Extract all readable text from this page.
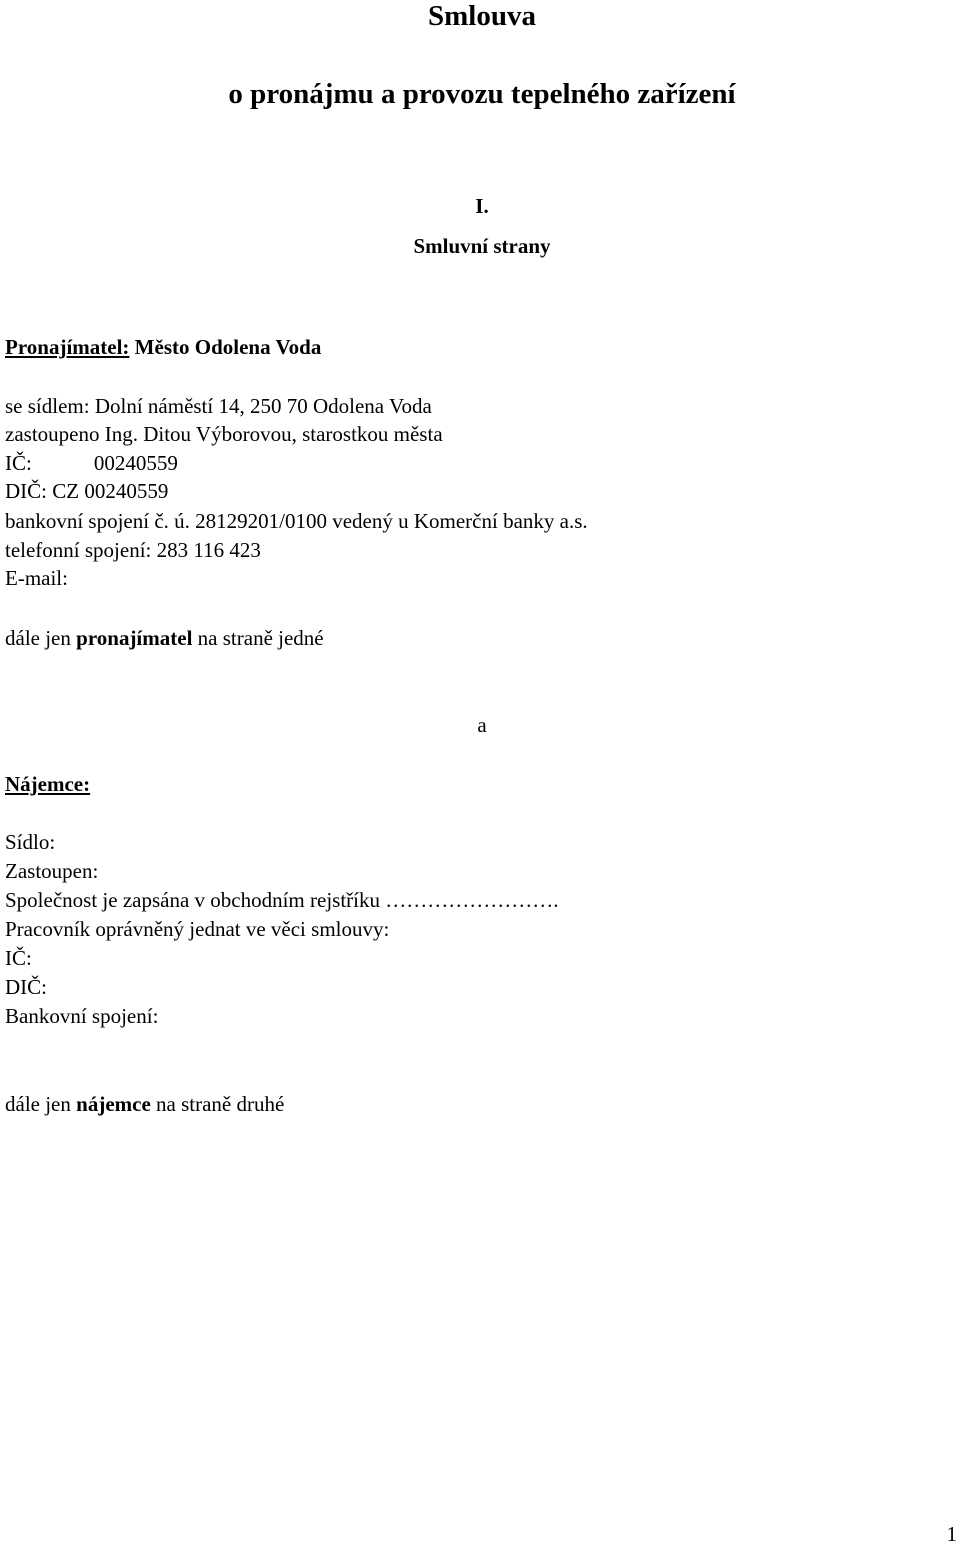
Smlouva
o pronájmu a provozu tepelného zařízení
I.
Smluvní strany
Pronajímatel: Město Odolena Voda
se sídlem: Dolní náměstí 14, 250 70 Odolena Voda
zastoupeno Ing. Ditou Výborovou, starostkou města
IČ:	00240559
DIČ: CZ 00240559
bankovní spojení č. ú. 28129201/0100 vedený u Komerční banky a.s.
telefonní spojení: 283 116 423
E-mail:
dále jen pronajímatel na straně jedné
a
Nájemce:
Sídlo:
Zastoupen:
Společnost je zapsána v obchodním rejstříku …………………….
Pracovník oprávněný jednat ve věci smlouvy:
IČ:
DIČ:
Bankovní spojení:
dále jen nájemce na straně druhé
1
